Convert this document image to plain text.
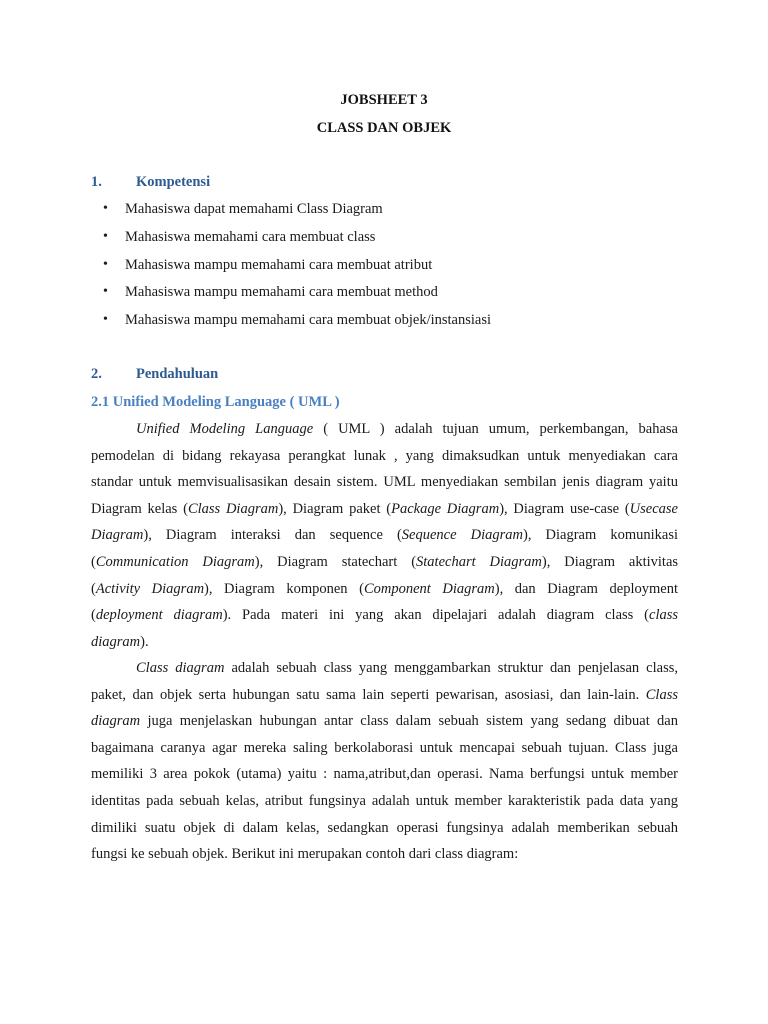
JOBSHEET 3
CLASS DAN OBJEK
1. Kompetensi
• Mahasiswa dapat memahami Class Diagram
• Mahasiswa memahami cara membuat class
• Mahasiswa mampu memahami cara membuat atribut
• Mahasiswa mampu memahami cara membuat method
• Mahasiswa mampu memahami cara membuat objek/instansiasi
2. Pendahuluan
2.1 Unified Modeling Language ( UML )
Unified Modeling Language ( UML ) adalah tujuan umum, perkembangan, bahasa
pemodelan di bidang rekayasa perangkat lunak , yang dimaksudkan untuk menyediakan cara
standar untuk memvisualisasikan desain sistem. UML menyediakan sembilan jenis diagram yaitu
Diagram kelas (Class Diagram), Diagram paket (Package Diagram), Diagram use-case (Usecase
Diagram), Diagram interaksi dan sequence (Sequence Diagram), Diagram komunikasi
(Communication Diagram), Diagram statechart (Statechart Diagram), Diagram aktivitas
(Activity Diagram), Diagram komponen (Component Diagram), dan Diagram deployment
(deployment diagram). Pada materi ini yang akan dipelajari adalah diagram class (class
diagram).
Class diagram adalah sebuah class yang menggambarkan struktur dan penjelasan class,
paket, dan objek serta hubungan satu sama lain seperti pewarisan, asosiasi, dan lain-lain. Class
diagram juga menjelaskan hubungan antar class dalam sebuah sistem yang sedang dibuat dan
bagaimana caranya agar mereka saling berkolaborasi untuk mencapai sebuah tujuan. Class juga
memiliki 3 area pokok (utama) yaitu : nama,atribut,dan operasi. Nama berfungsi untuk member
identitas pada sebuah kelas, atribut fungsinya adalah untuk member karakteristik pada data yang
dimiliki suatu objek di dalam kelas, sedangkan operasi fungsinya adalah memberikan sebuah
fungsi ke sebuah objek. Berikut ini merupakan contoh dari class diagram:
